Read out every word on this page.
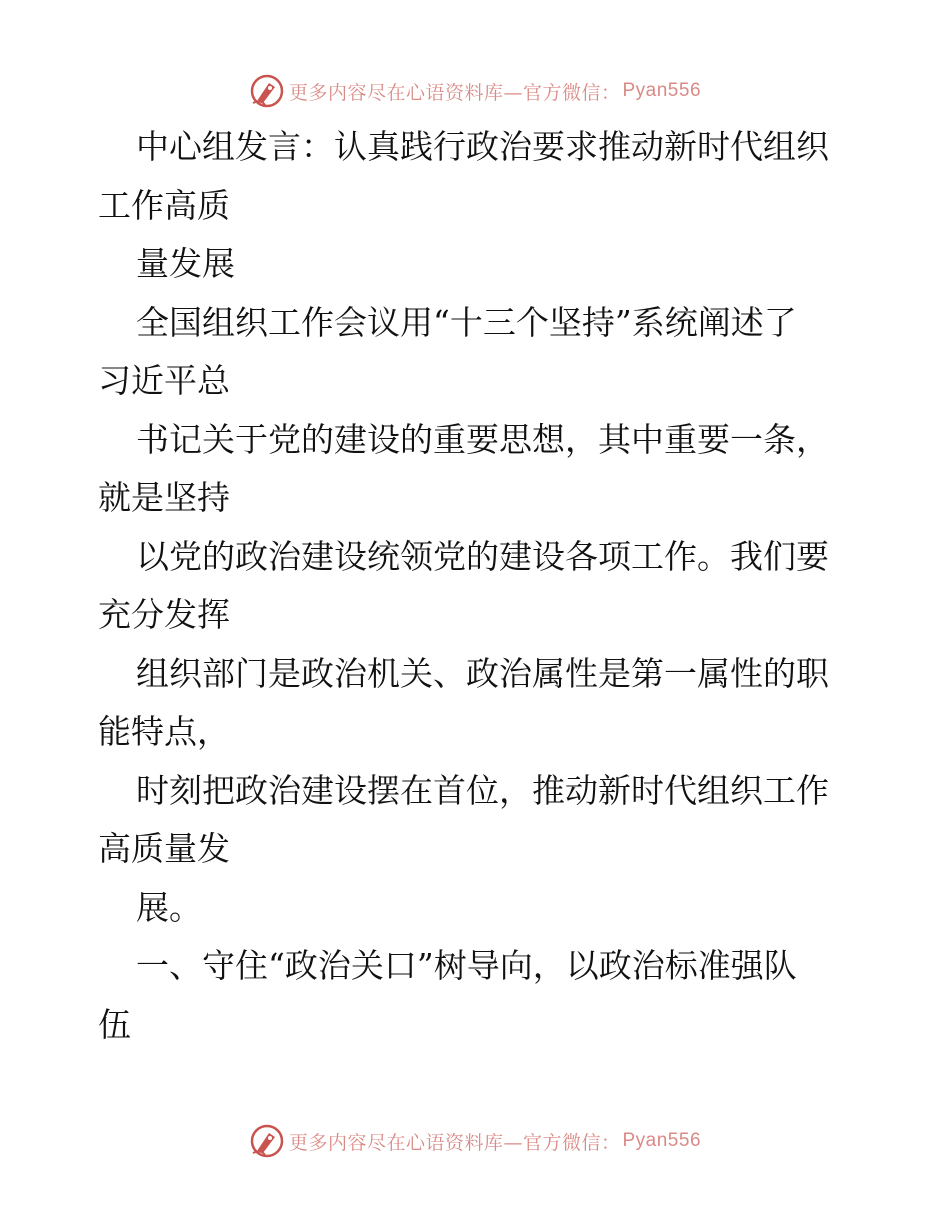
更多内容尽在心语资料库—官方微信： Pyan556
中心组发言：认真践行政治要求推动新时代组织
工作高质
量发展
全国组织工作会议用“十三个坚持”系统阐述了
习近平总
书记关于党的建设的重要思想，其中重要一条，
就是坚持
以党的政治建设统领党的建设各项工作。我们要
充分发挥
组织部门是政治机关、政治属性是第一属性的职
能特点，
时刻把政治建设摆在首位，推动新时代组织工作
高质量发
展。
一、守住“政治关口”树导向，以政治标准强队
伍
更多内容尽在心语资料库—官方微信： Pyan556
